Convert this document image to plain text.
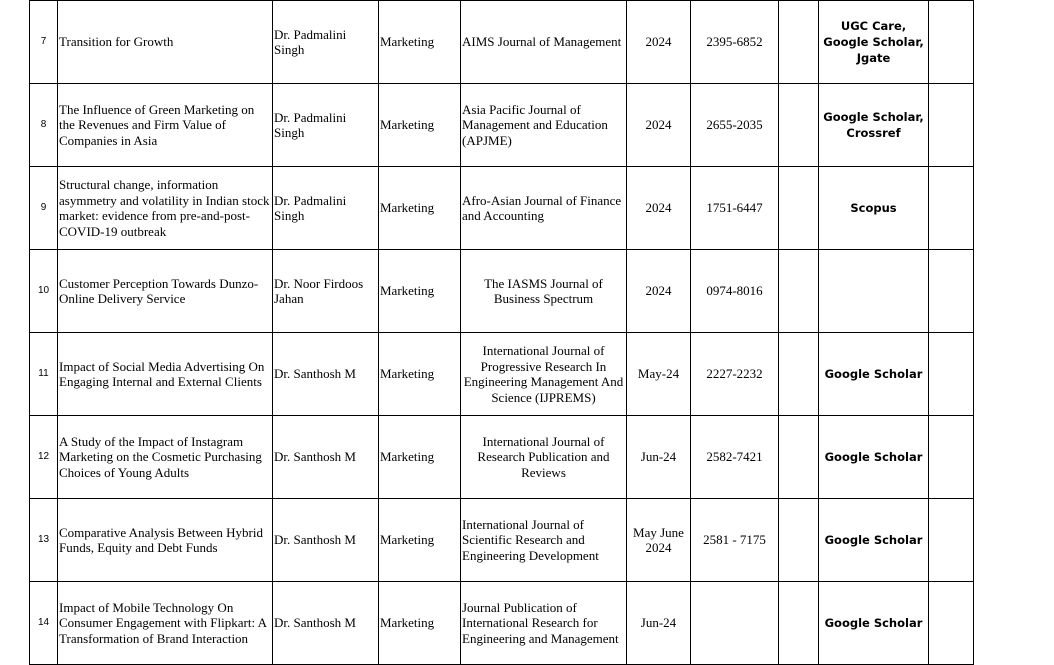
7	Transition for Growth	Dr. Padmalini Singh	Marketing	AIMS Journal of Management	2024	2395-6852		UGC Care, Google Scholar, Jgate	
8	The Influence of Green Marketing on the Revenues and Firm Value of Companies in Asia	Dr. Padmalini Singh	Marketing	Asia Pacific Journal of Management and Education (APJME)	2024	2655-2035		Google Scholar, Crossref	
9	Structural change, information asymmetry and volatility in Indian stock market: evidence from pre-and-post-COVID-19 outbreak	Dr. Padmalini Singh	Marketing	Afro-Asian Journal of Finance and Accounting	2024	1751-6447		Scopus	
10	Customer Perception Towards Dunzo-Online Delivery Service	Dr. Noor Firdoos Jahan	Marketing	The IASMS Journal of Business Spectrum	2024	0974-8016			
11	Impact of Social Media Advertising On Engaging Internal and External Clients	Dr. Santhosh M	Marketing	International Journal of Progressive Research In Engineering Management And Science (IJPREMS)	May-24	2227-2232		Google Scholar	
12	A Study of the Impact of Instagram Marketing on the Cosmetic Purchasing Choices of Young Adults	Dr. Santhosh M	Marketing	International Journal of Research Publication and Reviews	Jun-24	2582-7421		Google Scholar	
13	Comparative Analysis Between Hybrid Funds, Equity and Debt Funds	Dr. Santhosh M	Marketing	International Journal of Scientific Research and Engineering Development	May June 2024	2581 - 7175		Google Scholar	
14	Impact of Mobile Technology On Consumer Engagement with Flipkart: A Transformation of Brand Interaction	Dr. Santhosh M	Marketing	Journal Publication of International Research for Engineering and Management	Jun-24			Google Scholar	
